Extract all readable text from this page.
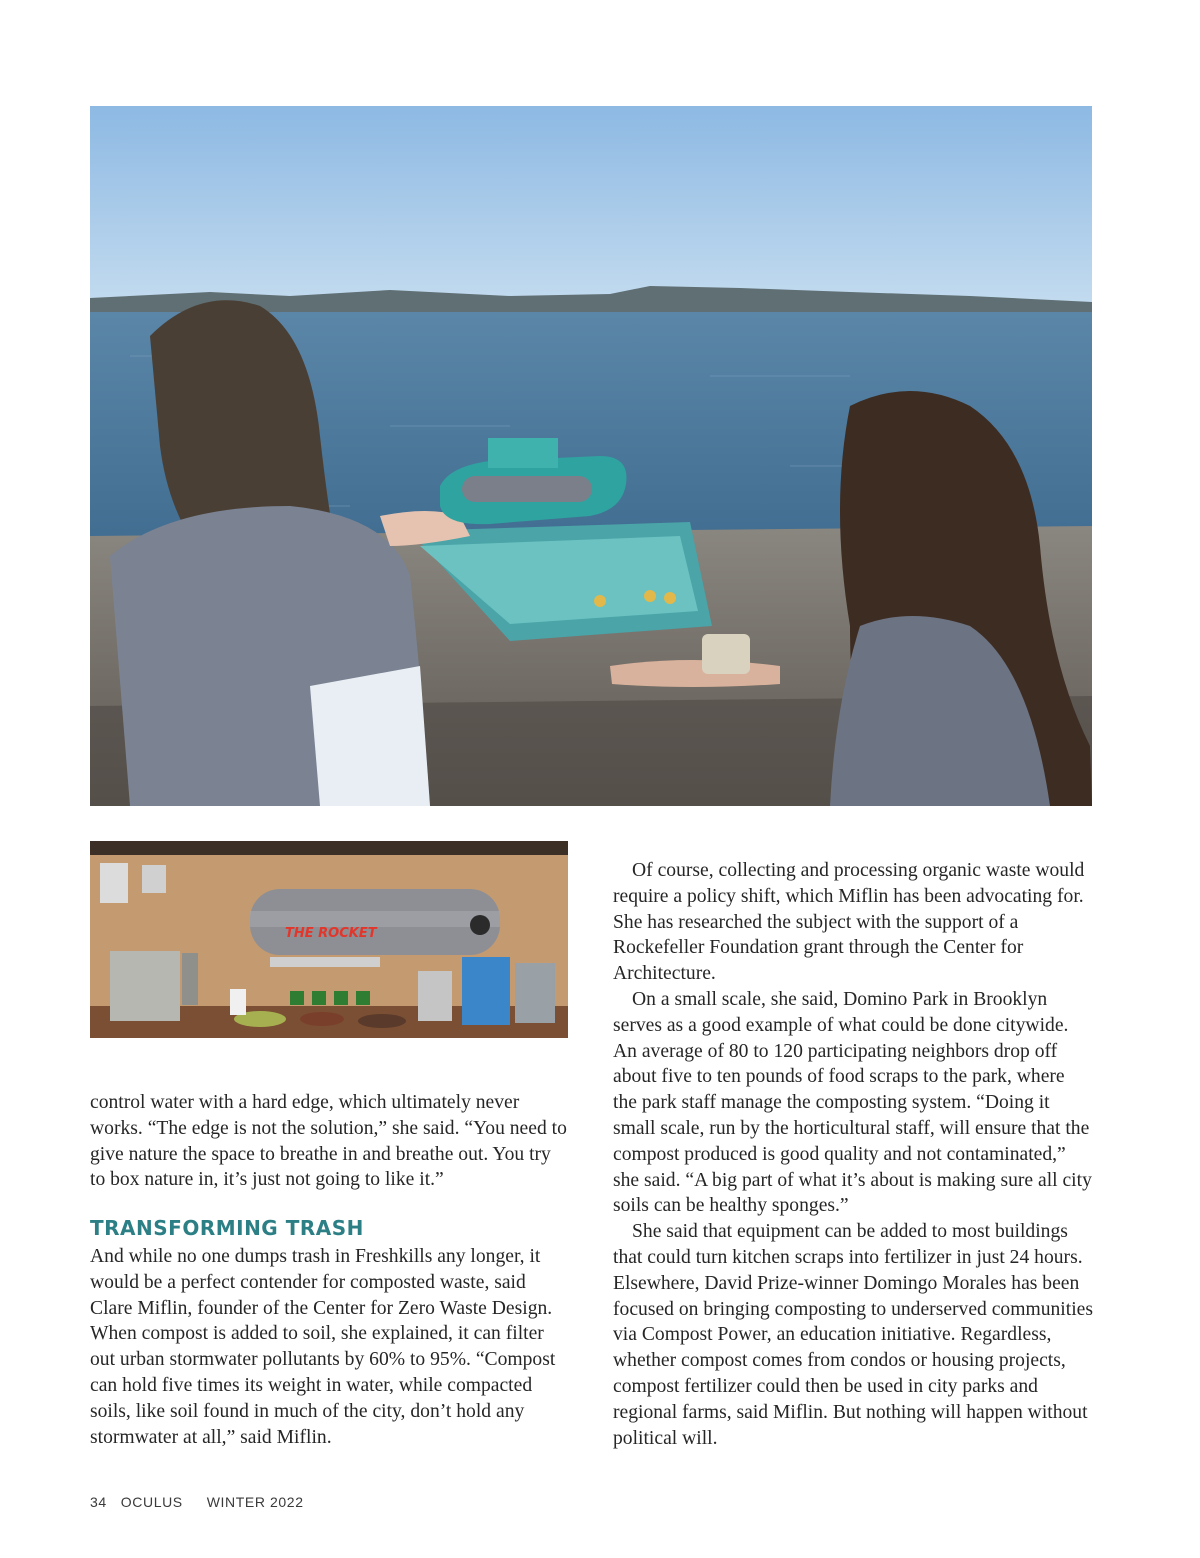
THE ROCKET

control water with a hard edge, which ultimately never works. “The edge is not the solution,” she said. “You need to give nature the space to breathe in and breathe out. You try to box nature in, it’s just not going to like it.”

TRANSFORMING TRASH

And while no one dumps trash in Freshkills any longer, it would be a perfect contender for composted waste, said Clare Miflin, founder of the Center for Zero Waste Design. When compost is added to soil, she explained, it can filter out urban stormwater pollutants by 60% to 95%. “Compost can hold five times its weight in water, while compacted soils, like soil found in much of the city, don’t hold any stormwater at all,” said Miflin.

Of course, collecting and processing organic waste would require a policy shift, which Miflin has been advocating for. She has researched the subject with the support of a Rockefeller Foundation grant through the Center for Architecture.

On a small scale, she said, Domino Park in Brooklyn serves as a good example of what could be done citywide. An average of 80 to 120 participating neighbors drop off about five to ten pounds of food scraps to the park, where the park staff manage the composting system. “Doing it small scale, run by the horticultural staff, will ensure that the compost produced is good quality and not contaminated,” she said. “A big part of what it’s about is making sure all city soils can be healthy sponges.”

She said that equipment can be added to most buildings that could turn kitchen scraps into fertilizer in just 24 hours. Elsewhere, David Prize-winner Domingo Morales has been focused on bringing composting to underserved communities via Compost Power, an education initiative. Regardless, whether compost comes from condos or housing projects, compost fertilizer could then be used in city parks and regional farms, said Miflin. But nothing will happen without political will.

34 OCULUS WINTER 2022
